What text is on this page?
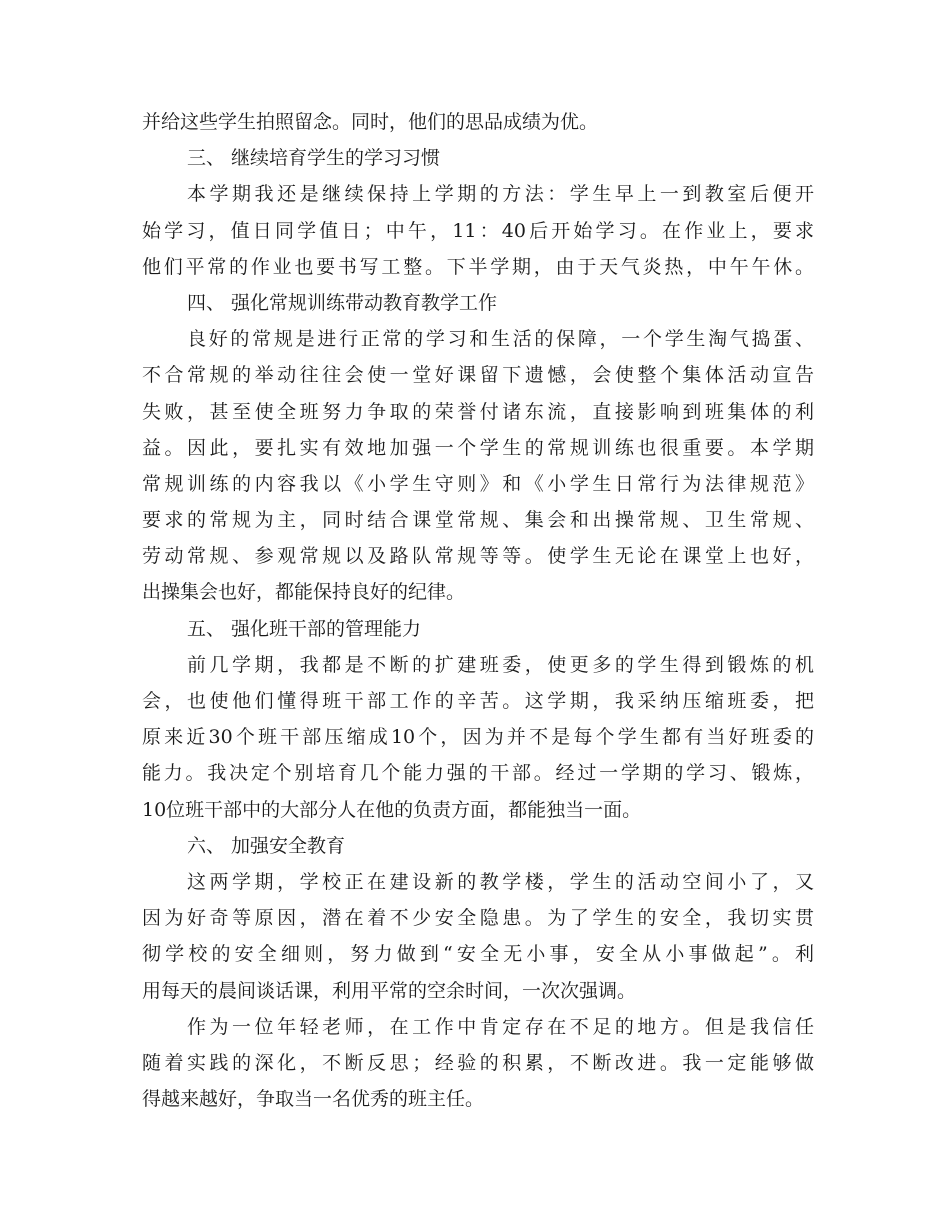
并给这些学生拍照留念。同时，他们的思品成绩为优。
三、 继续培育学生的学习习惯
本学期我还是继续保持上学期的方法：学生早上一到教室后便开
始学习，值日同学值日；中午，11：40后开始学习。在作业上，要求
他们平常的作业也要书写工整。下半学期，由于天气炎热，中午午休。
四、 强化常规训练带动教育教学工作
良好的常规是进行正常的学习和生活的保障，一个学生淘气捣蛋、
不合常规的举动往往会使一堂好课留下遗憾，会使整个集体活动宣告
失败，甚至使全班努力争取的荣誉付诸东流，直接影响到班集体的利
益。因此，要扎实有效地加强一个学生的常规训练也很重要。本学期
常规训练的内容我以《小学生守则》和《小学生日常行为法律规范》
要求的常规为主，同时结合课堂常规、集会和出操常规、卫生常规、
劳动常规、参观常规以及路队常规等等。使学生无论在课堂上也好，
出操集会也好，都能保持良好的纪律。
五、 强化班干部的管理能力
前几学期，我都是不断的扩建班委，使更多的学生得到锻炼的机
会，也使他们懂得班干部工作的辛苦。这学期，我采纳压缩班委，把
原来近30个班干部压缩成10个，因为并不是每个学生都有当好班委的
能力。我决定个别培育几个能力强的干部。经过一学期的学习、锻炼，
10位班干部中的大部分人在他的负责方面，都能独当一面。
六、 加强安全教育
这两学期，学校正在建设新的教学楼，学生的活动空间小了，又
因为好奇等原因，潜在着不少安全隐患。为了学生的安全，我切实贯
彻学校的安全细则，努力做到“安全无小事，安全从小事做起”。利
用每天的晨间谈话课，利用平常的空余时间，一次次强调。
作为一位年轻老师，在工作中肯定存在不足的地方。但是我信任
随着实践的深化，不断反思；经验的积累，不断改进。我一定能够做
得越来越好，争取当一名优秀的班主任。
